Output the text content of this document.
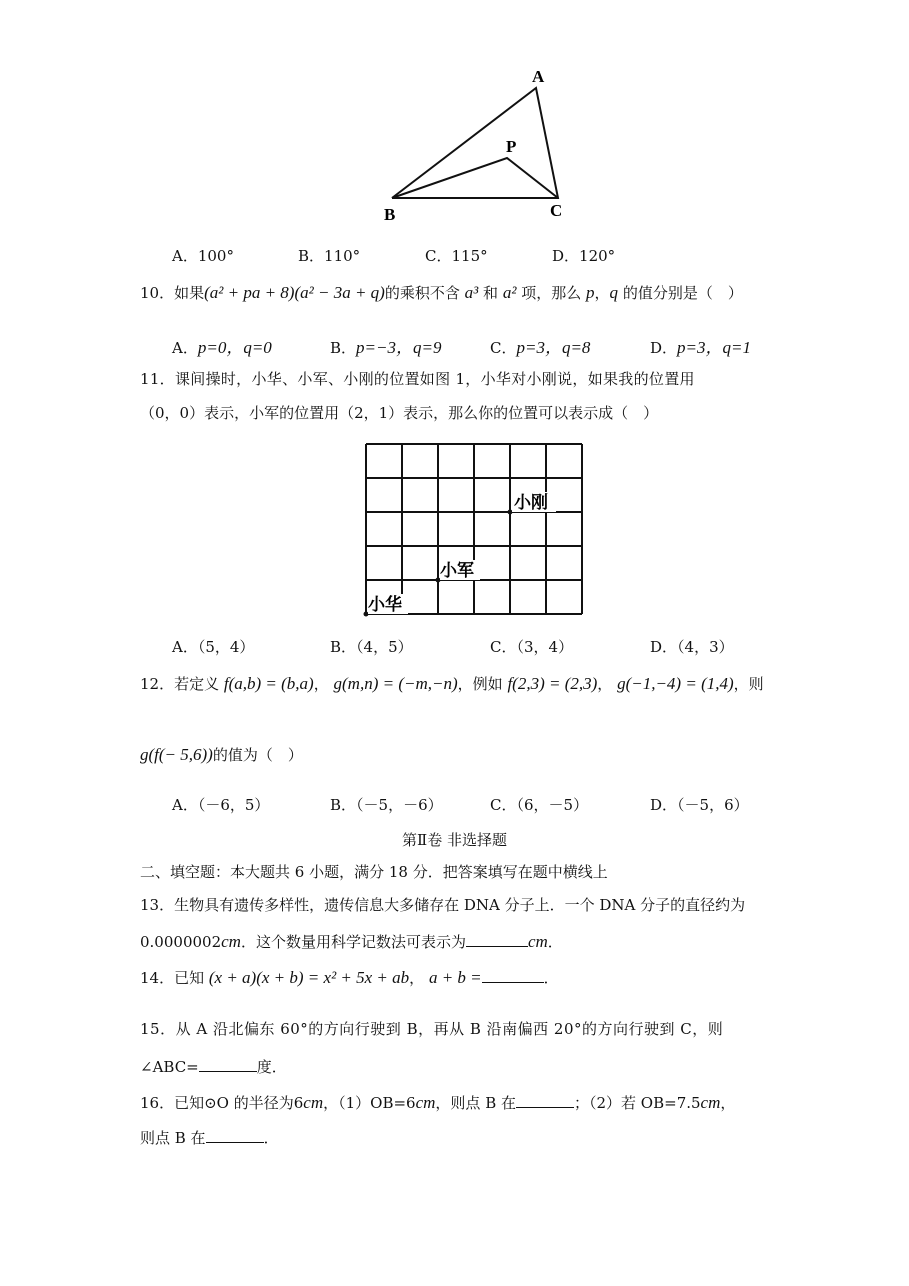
A
P
B	C
A．100°	B．110°	C．115°	D．120°
10．如果(a² + pa + 8)(a² − 3a + q)的乘积不含 a³ 和 a² 项，那么 p，q 的值分别是（　）
A．p=0，q=0	B．p=−3，q=9	C．p=3，q=8	D．p=3，q=1
11．课间操时，小华、小军、小刚的位置如图 1，小华对小刚说，如果我的位置用
（0，0）表示，小军的位置用（2，1）表示，那么你的位置可以表示成（　）
小刚
小军
小华
A．（5，4）	B．（4，5）	C．（3，4）	D．（4，3）
12．若定义 f(a,b) = (b,a)， g(m,n) = (−m,−n)，例如 f(2,3) = (2,3)， g(−1,−4) = (1,4)，则
g(f(− 5,6))的值为（　）
A．（－6，5）	B．（－5，－6）	C．（6，－5）	D．（－5，6）
第Ⅱ卷 非选择题
二、填空题：本大题共 6 小题，满分 18 分．把答案填写在题中横线上
13．生物具有遗传多样性，遗传信息大多储存在 DNA 分子上．一个 DNA 分子的直径约为
0.0000002cm．这个数量用科学记数法可表示为	cm．
14．已知 (x + a)(x + b) = x² + 5x + ab， a + b =	．
15．从 A 沿北偏东 60°的方向行驶到 B，再从 B 沿南偏西 20°的方向行驶到 C，则
∠ABC=	度．
16．已知⊙O 的半径为6cm，（1）OB=6cm，则点 B 在	；（2）若 OB=7.5cm，
则点 B 在	．
